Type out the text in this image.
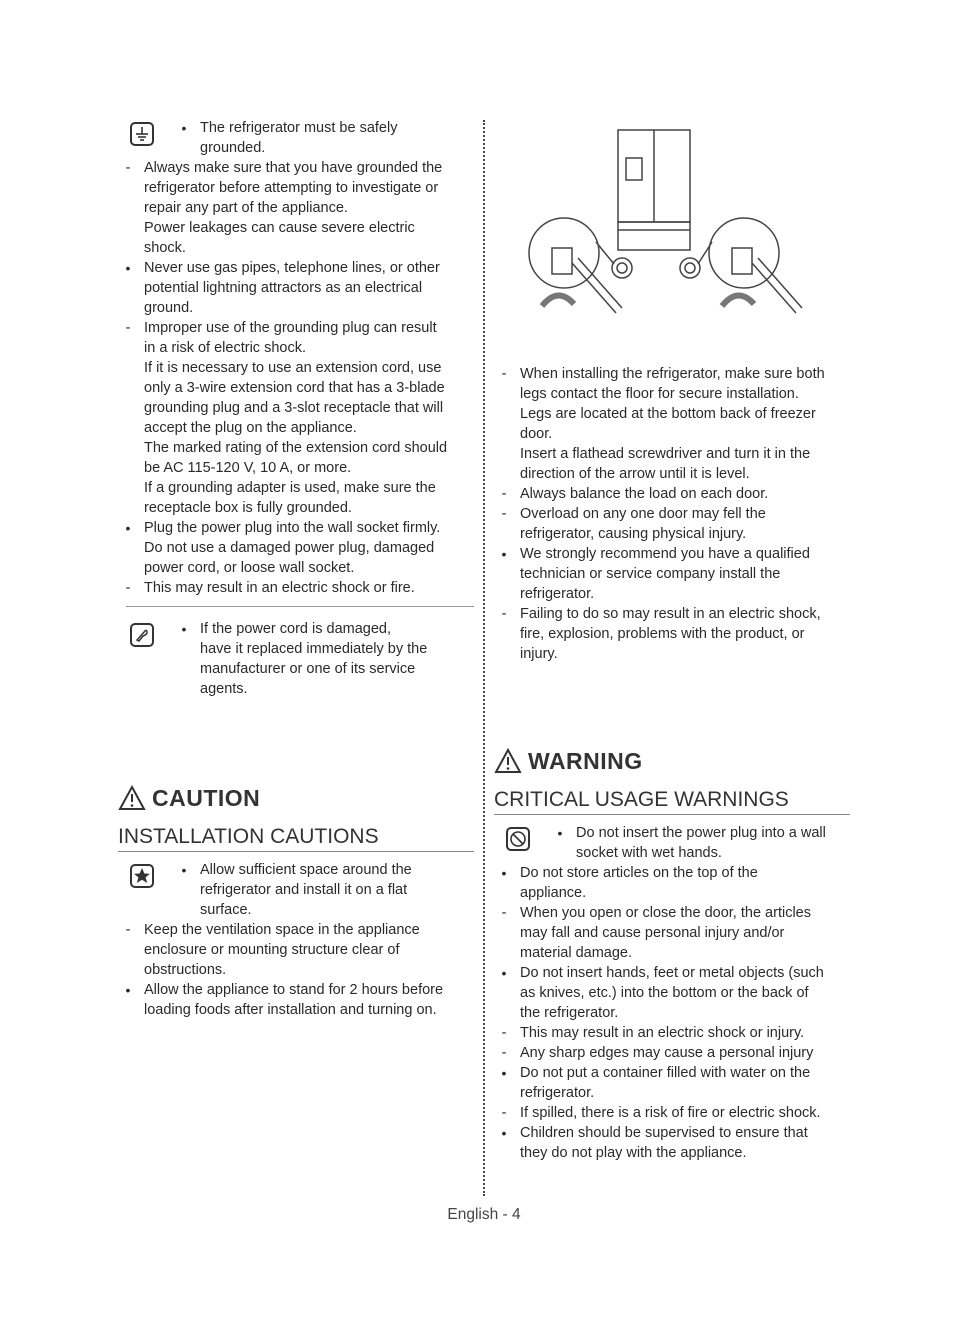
• The refrigerator must be safely
grounded.
- Always make sure that you have grounded the
refrigerator before attempting to investigate or
repair any part of the appliance.
Power leakages can cause severe electric
shock.
• Never use gas pipes, telephone lines, or other
potential lightning attractors as an electrical
ground.
- Improper use of the grounding plug can result
in a risk of electric shock.
If it is necessary to use an extension cord, use
only a 3-wire extension cord that has a 3-blade
grounding plug and a 3-slot receptacle that will
accept the plug on the appliance.
The marked rating of the extension cord should
be AC 115-120 V, 10 A, or more.
If a grounding adapter is used, make sure the
receptacle box is fully grounded.
• Plug the power plug into the wall socket firmly.
Do not use a damaged power plug, damaged
power cord, or loose wall socket.
- This may result in an electric shock or fire.
• If the power cord is damaged,
have it replaced immediately by the
manufacturer or one of its service
agents.
CAUTION
INSTALLATION CAUTIONS
• Allow sufficient space around the
refrigerator and install it on a flat
surface.
- Keep the ventilation space in the appliance
enclosure or mounting structure clear of
obstructions.
• Allow the appliance to stand for 2 hours before
loading foods after installation and turning on.
- When installing the refrigerator, make sure both
legs contact the floor for secure installation.
Legs are located at the bottom back of freezer
door.
Insert a flathead screwdriver and turn it in the
direction of the arrow until it is level.
- Always balance the load on each door.
- Overload on any one door may fell the
refrigerator, causing physical injury.
• We strongly recommend you have a qualified
technician or service company install the
refrigerator.
- Failing to do so may result in an electric shock,
fire, explosion, problems with the product, or
injury.
WARNING
CRITICAL USAGE WARNINGS
• Do not insert the power plug into a wall
socket with wet hands.
• Do not store articles on the top of the
appliance.
- When you open or close the door, the articles
may fall and cause personal injury and/or
material damage.
• Do not insert hands, feet or metal objects (such
as knives, etc.) into the bottom or the back of
the refrigerator.
- This may result in an electric shock or injury.
- Any sharp edges may cause a personal injury
• Do not put a container filled with water on the
refrigerator.
- If spilled, there is a risk of fire or electric shock.
• Children should be supervised to ensure that
they do not play with the appliance.
English - 4
